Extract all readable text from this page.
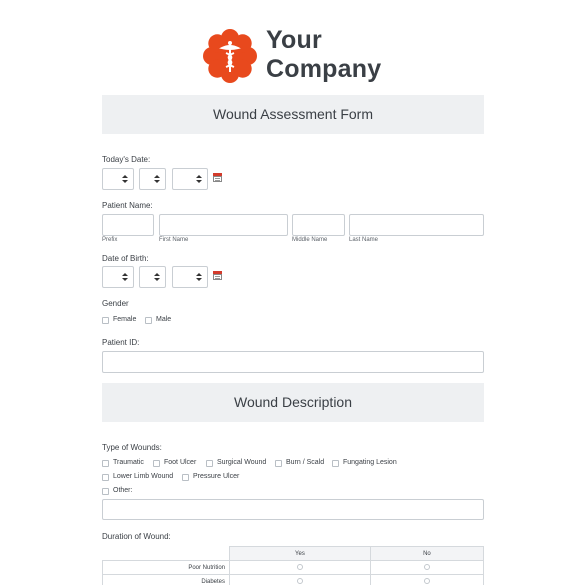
Your
Company
Wound Assessment Form
Today's Date:
Patient Name:
Prefix	First Name	Middle Name	Last Name
Date of Birth:
Gender
Female	Male
Patient ID:
Wound Description
Type of Wounds:
Traumatic	Foot Ulcer	Surgical Wound	Burn / Scald	Fungating Lesion
Lower Limb Wound	Pressure Ulcer
Other:
Duration of Wound:
	Yes	No
Poor Nutrition		
Diabetes		
